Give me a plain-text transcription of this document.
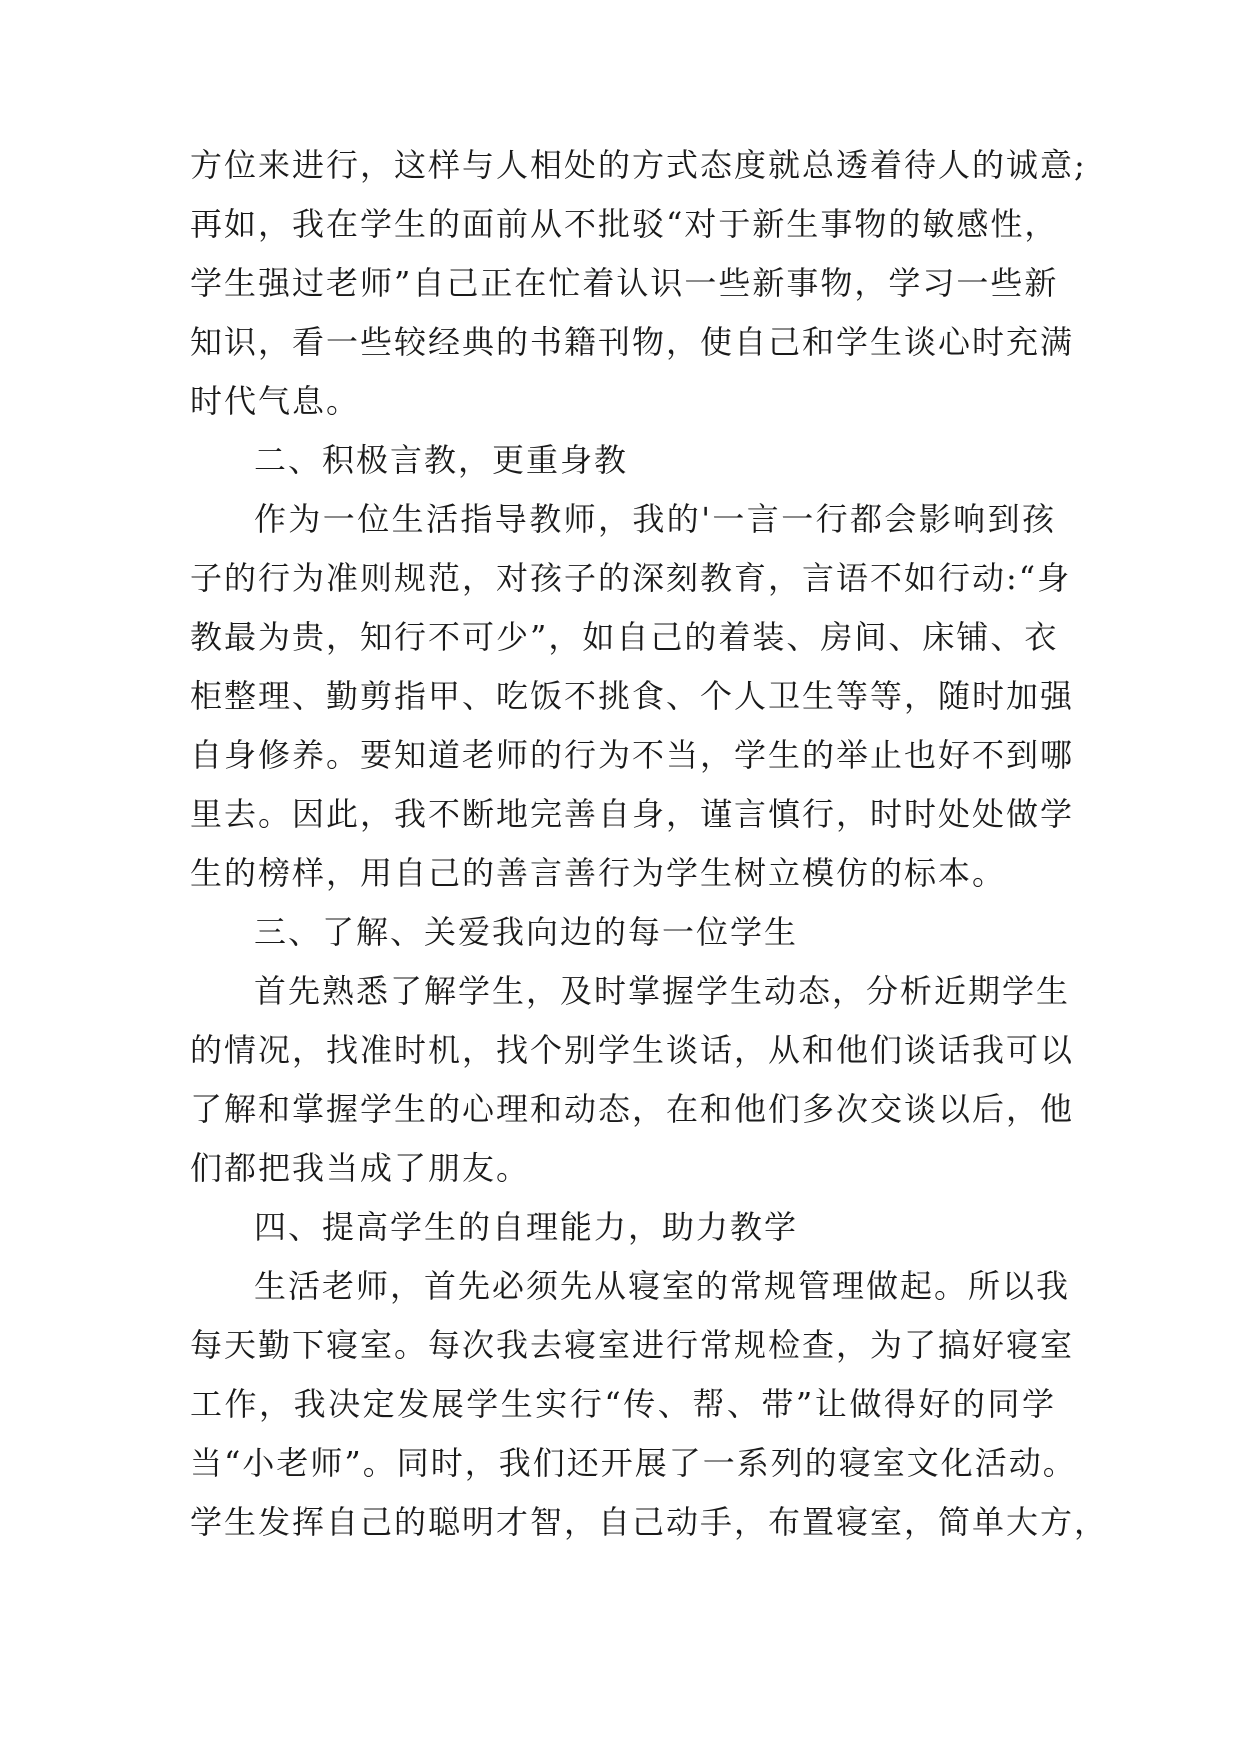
方位来进行，这样与人相处的方式态度就总透着待人的诚意;
再如，我在学生的面前从不批驳“对于新生事物的敏感性，
学生强过老师”自己正在忙着认识一些新事物，学习一些新
知识，看一些较经典的书籍刊物，使自己和学生谈心时充满
时代气息。
二、积极言教，更重身教
作为一位生活指导教师，我的'一言一行都会影响到孩
子的行为准则规范，对孩子的深刻教育，言语不如行动:“身
教最为贵，知行不可少”，如自己的着装、房间、床铺、衣
柜整理、勤剪指甲、吃饭不挑食、个人卫生等等，随时加强
自身修养。要知道老师的行为不当，学生的举止也好不到哪
里去。因此，我不断地完善自身，谨言慎行，时时处处做学
生的榜样，用自己的善言善行为学生树立模仿的标本。
三、了解、关爱我向边的每一位学生
首先熟悉了解学生，及时掌握学生动态，分析近期学生
的情况，找准时机，找个别学生谈话，从和他们谈话我可以
了解和掌握学生的心理和动态，在和他们多次交谈以后，他
们都把我当成了朋友。
四、提高学生的自理能力，助力教学
生活老师，首先必须先从寝室的常规管理做起。所以我
每天勤下寝室。每次我去寝室进行常规检查，为了搞好寝室
工作，我决定发展学生实行“传、帮、带”让做得好的同学
当“小老师”。同时，我们还开展了一系列的寝室文化活动。
学生发挥自己的聪明才智，自己动手，布置寝室，简单大方，
